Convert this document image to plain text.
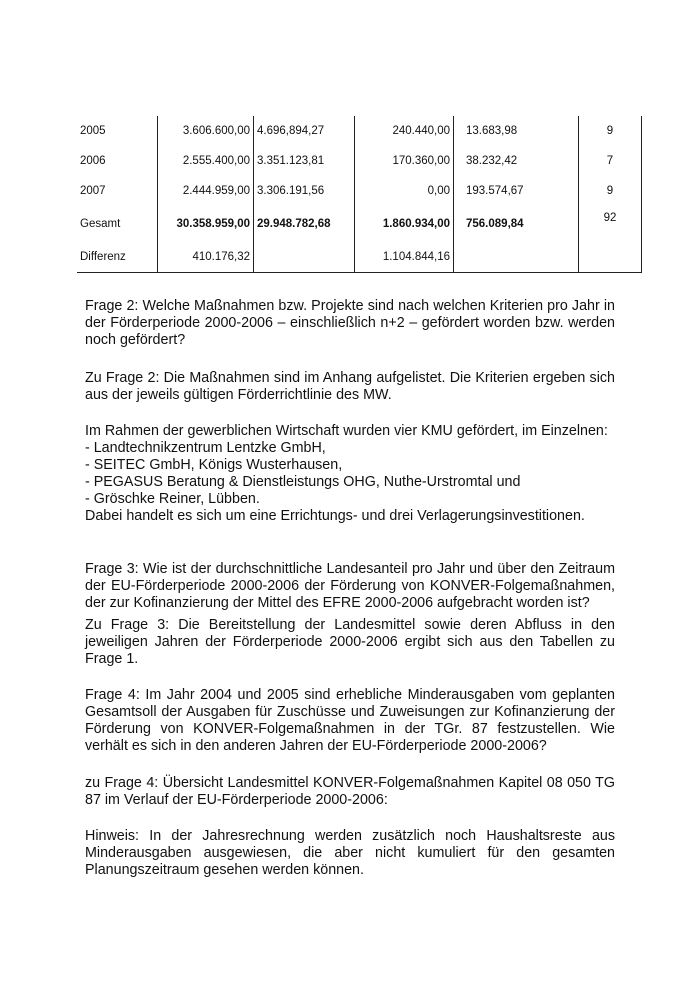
2005	3.606.600,00	4.696,894,27	240.440,00	13.683,98	9
2006	2.555.400,00	3.351.123,81	170.360,00	38.232,42	7
2007	2.444.959,00	3.306.191,56	0,00	193.574,67	9
Gesamt	30.358.959,00	29.948.782,68	1.860.934,00	756.089,84	92
Differenz	410.176,32		1.104.844,16		

Frage 2: Welche Maßnahmen bzw. Projekte sind nach welchen Kriterien pro Jahr in der Förderperiode 2000-2006 – einschließlich n+2 – gefördert worden bzw. werden noch gefördert?

Zu Frage 2: Die Maßnahmen sind im Anhang aufgelistet. Die Kriterien ergeben sich aus der jeweils gültigen Förderrichtlinie des MW.

Im Rahmen der gewerblichen Wirtschaft wurden vier KMU gefördert, im Einzelnen:
- Landtechnikzentrum Lentzke GmbH,
- SEITEC GmbH, Königs Wusterhausen,
- PEGASUS Beratung & Dienstleistungs OHG, Nuthe-Urstromtal und
- Gröschke Reiner, Lübben.
Dabei handelt es sich um eine Errichtungs- und drei Verlagerungsinvestitionen.

Frage 3: Wie ist der durchschnittliche Landesanteil pro Jahr und über den Zeitraum der EU-Förderperiode 2000-2006 der Förderung von KONVER-Folgemaßnahmen, der zur Kofinanzierung der Mittel des EFRE 2000-2006 aufgebracht worden ist?

Zu Frage 3: Die Bereitstellung der Landesmittel sowie deren Abfluss in den jeweiligen Jahren der Förderperiode 2000-2006 ergibt sich aus den Tabellen zu Frage 1.

Frage 4: Im Jahr 2004 und 2005 sind erhebliche Minderausgaben vom geplanten Gesamtsoll der Ausgaben für Zuschüsse und Zuweisungen zur Kofinanzierung der Förderung von KONVER-Folgemaßnahmen in der TGr. 87 festzustellen. Wie verhält es sich in den anderen Jahren der EU-Förderperiode 2000-2006?

zu Frage 4: Übersicht Landesmittel KONVER-Folgemaßnahmen Kapitel 08 050 TG 87 im Verlauf der EU-Förderperiode 2000-2006:

Hinweis: In der Jahresrechnung werden zusätzlich noch Haushaltsreste aus Minderausgaben ausgewiesen, die aber nicht kumuliert für den gesamten Planungszeitraum gesehen werden können.
